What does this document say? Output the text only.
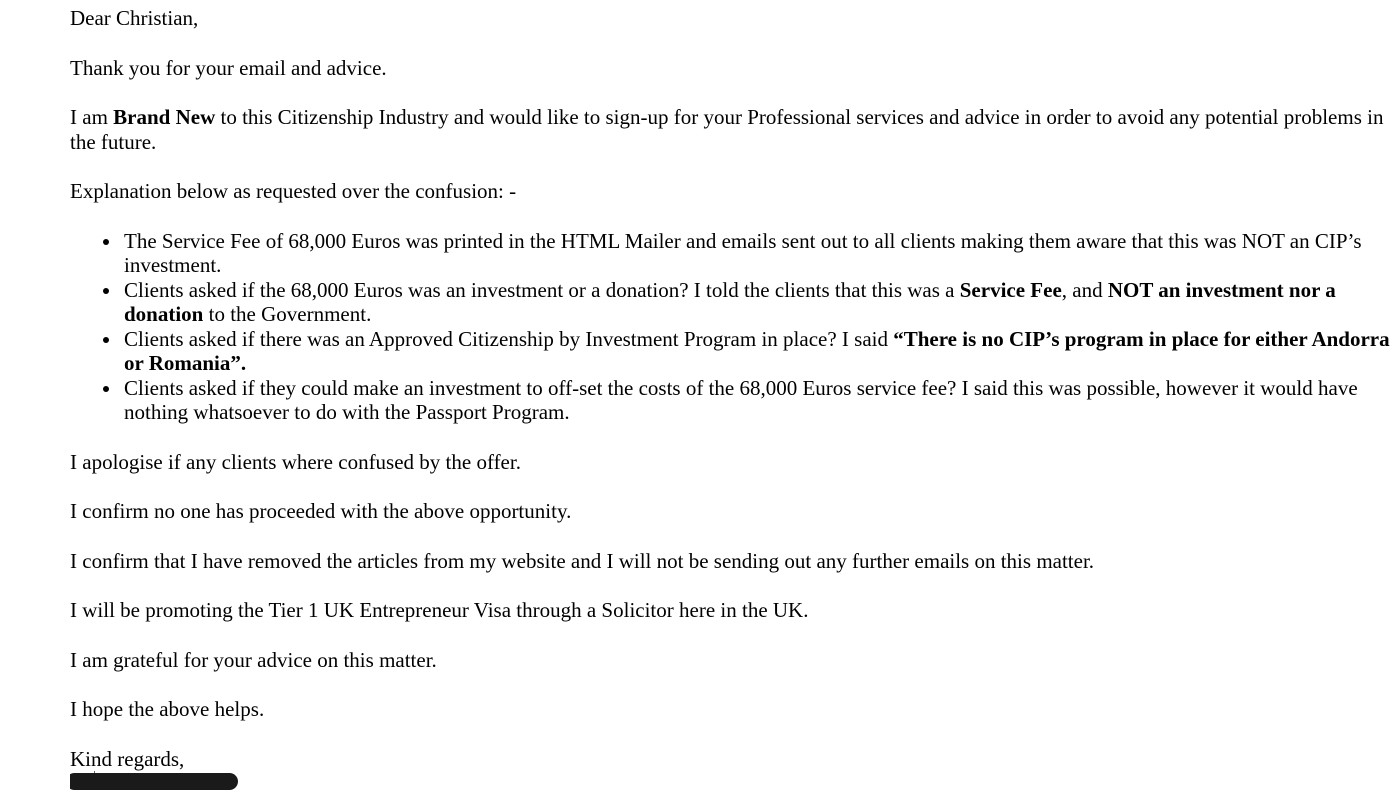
Dear Christian,

Thank you for your email and advice.

I am Brand New to this Citizenship Industry and would like to sign-up for your Professional services and advice in order to avoid any potential problems in the future.

Explanation below as requested over the confusion: -

The Service Fee of 68,000 Euros was printed in the HTML Mailer and emails sent out to all clients making them aware that this was NOT an CIP’s investment.
Clients asked if the 68,000 Euros was an investment or a donation? I told the clients that this was a Service Fee, and NOT an investment nor a donation to the Government.
Clients asked if there was an Approved Citizenship by Investment Program in place? I said “There is no CIP’s program in place for either Andorra or Romania”.
Clients asked if they could make an investment to off-set the costs of the 68,000 Euros service fee? I said this was possible, however it would have nothing whatsoever to do with the Passport Program.

I apologise if any clients where confused by the offer.

I confirm no one has proceeded with the above opportunity.

I confirm that I have removed the articles from my website and I will not be sending out any further emails on this matter.

I will be promoting the Tier 1 UK Entrepreneur Visa through a Solicitor here in the UK.

I am grateful for your advice on this matter.

I hope the above helps.

Kind regards,
